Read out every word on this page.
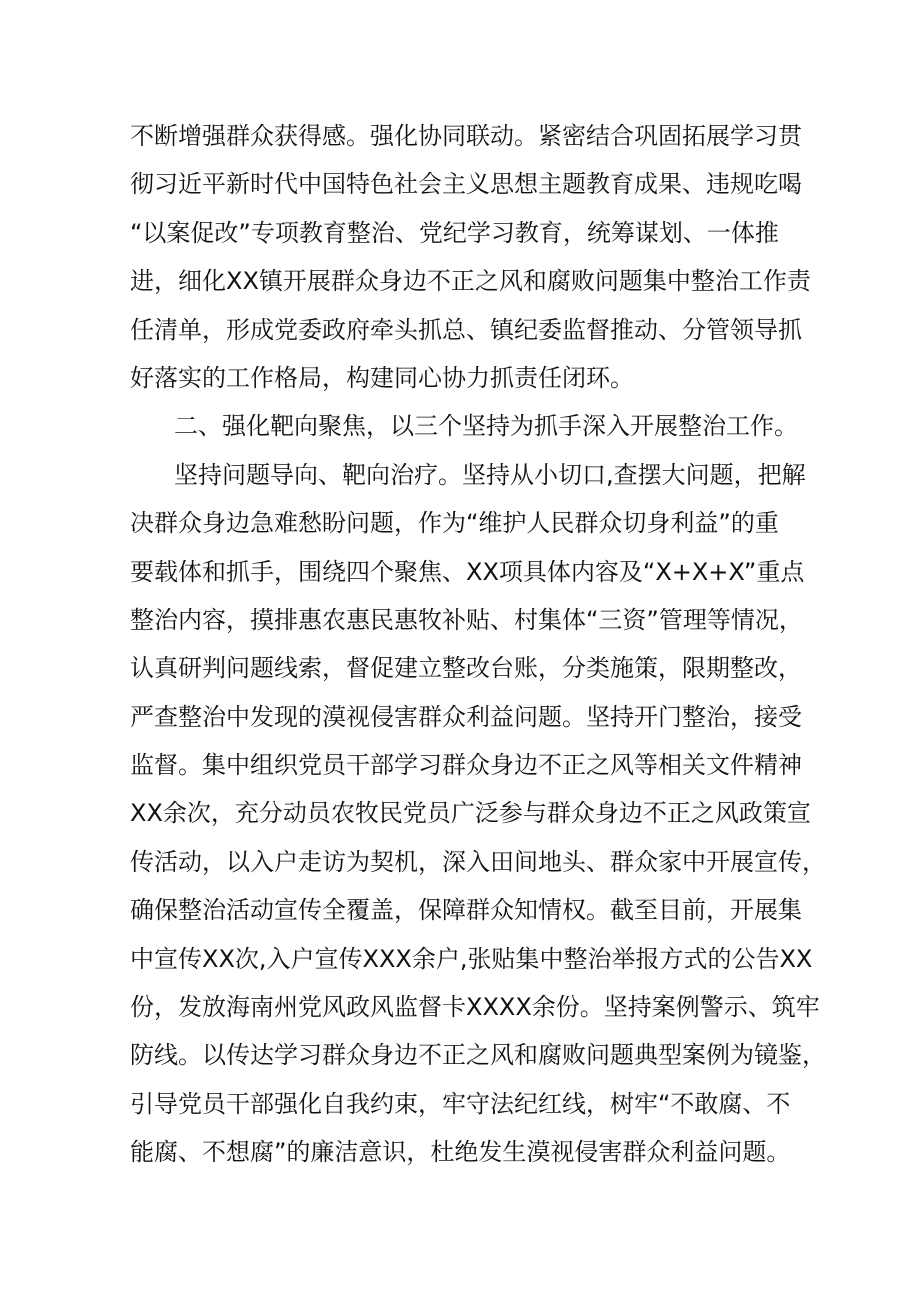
不断增强群众获得感。强化协同联动。紧密结合巩固拓展学习贯
彻习近平新时代中国特色社会主义思想主题教育成果、违规吃喝
“以案促改”专项教育整治、党纪学习教育，统筹谋划、一体推
进，细化XX镇开展群众身边不正之风和腐败问题集中整治工作责
任清单，形成党委政府牵头抓总、镇纪委监督推动、分管领导抓
好落实的工作格局，构建同心协力抓责任闭环。
二、强化靶向聚焦，以三个坚持为抓手深入开展整治工作。
坚持问题导向、靶向治疗。坚持从小切口,查摆大问题，把解
决群众身边急难愁盼问题，作为“维护人民群众切身利益”的重
要载体和抓手，围绕四个聚焦、XX项具体内容及“X+X+X”重点
整治内容，摸排惠农惠民惠牧补贴、村集体“三资”管理等情况，
认真研判问题线索，督促建立整改台账，分类施策，限期整改，
严查整治中发现的漠视侵害群众利益问题。坚持开门整治，接受
监督。集中组织党员干部学习群众身边不正之风等相关文件精神
XX余次，充分动员农牧民党员广泛参与群众身边不正之风政策宣
传活动，以入户走访为契机，深入田间地头、群众家中开展宣传，
确保整治活动宣传全覆盖，保障群众知情权。截至目前，开展集
中宣传XX次,入户宣传XXX余户,张贴集中整治举报方式的公告XX
份，发放海南州党风政风监督卡XXXX余份。坚持案例警示、筑牢
防线。以传达学习群众身边不正之风和腐败问题典型案例为镜鉴，
引导党员干部强化自我约束，牢守法纪红线，树牢“不敢腐、不
能腐、不想腐”的廉洁意识，杜绝发生漠视侵害群众利益问题。
